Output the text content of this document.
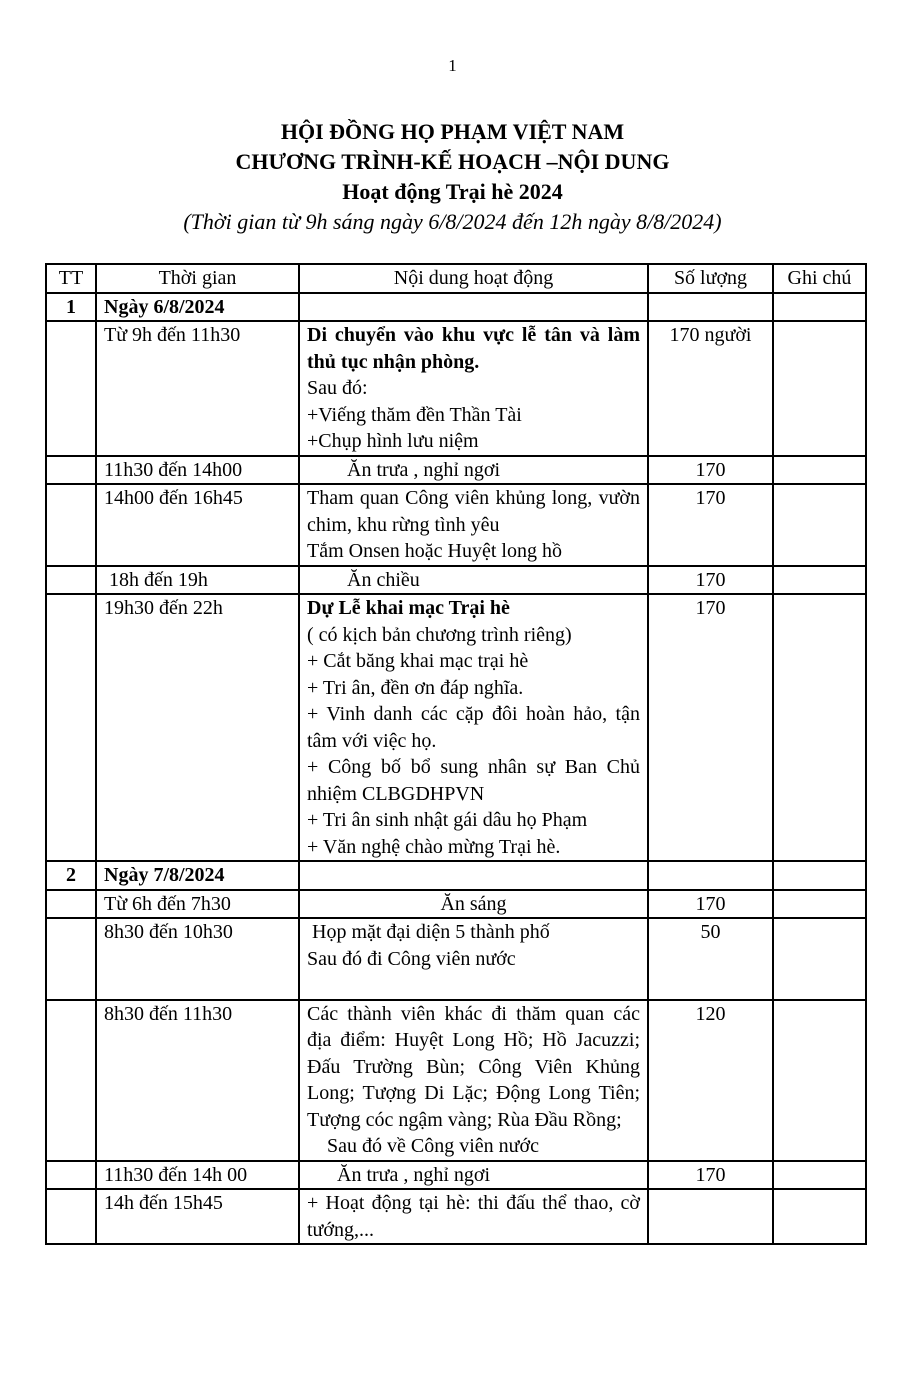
1
HỘI ĐỒNG HỌ PHẠM VIỆT NAM
CHƯƠNG TRÌNH-KẾ HOẠCH –NỘI DUNG
Hoạt động Trại hè 2024
(Thời gian từ 9h sáng ngày 6/8/2024 đến 12h ngày 8/8/2024)
TT	Thời gian	Nội dung hoạt động	Số lượng	Ghi chú
1	Ngày 6/8/2024			
	Từ 9h đến 11h30	Di chuyển vào khu vực lễ tân và làm thủ tục nhận phòng.
Sau đó:
+Viếng thăm đền Thần Tài
+Chụp hình lưu niệm	170 người	
	11h30 đến 14h00	Ăn trưa , nghỉ ngơi	170	
	14h00 đến 16h45	Tham quan Công viên khủng long, vườn chim, khu rừng tình yêu
Tắm Onsen hoặc Huyệt long hồ	170	
	18h đến 19h	Ăn chiều	170	
	19h30 đến 22h	Dự Lễ khai mạc Trại hè
( có kịch bản chương trình riêng)
+ Cắt băng khai mạc trại hè
+ Tri ân, đền ơn đáp nghĩa.
+ Vinh danh các cặp đôi hoàn hảo, tận tâm với việc họ.
+ Công bố bổ sung nhân sự Ban Chủ nhiệm CLBGDHPVN
+ Tri ân sinh nhật gái dâu họ Phạm
+ Văn nghệ chào mừng Trại hè.
	170	
2	Ngày 7/8/2024			
	Từ 6h đến 7h30	Ăn sáng	170	
	8h30 đến 10h30	Họp mặt đại diện 5 thành phố
Sau đó đi Công viên nước	50	
	8h30 đến 11h30	Các thành viên khác đi thăm quan các địa điểm: Huyệt Long Hồ; Hồ Jacuzzi; Đấu Trường Bùn; Công Viên Khủng Long; Tượng Di Lặc; Động Long Tiên; Tượng cóc ngậm vàng; Rùa Đầu Rồng;
Sau đó về Công viên nước	120	
	11h30 đến 14h 00	Ăn trưa , nghỉ ngơi	170	
	14h đến 15h45	+ Hoạt động tại hè: thi đấu thể thao, cờ tướng,...		
